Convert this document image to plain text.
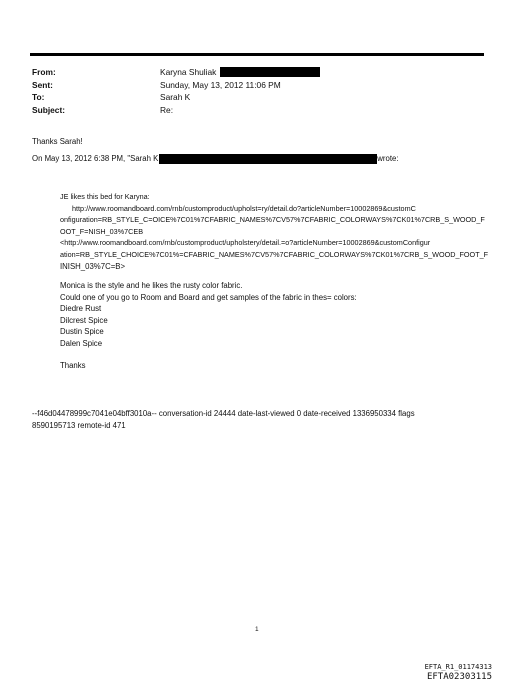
From:	Karyna Shuliak
Sent:	Sunday, May 13, 2012 11:06 PM
To:	Sarah K
Subject:	Re:
Thanks Sarah!
On May 13, 2012 6:38 PM, "Sarah K	wrote:
JE likes this bed for Karyna:
http://www.roomandboard.com/rnb/customproduct/upholst=ry/detail.do?articleNumber=10002869&customC
onfiguration=RB_STYLE_C=OICE%7C01%7CFABRIC_NAMES%7CV57%7CFABRIC_COLORWAYS%7CK01%7CRB_S_WOOD_F
OOT_F=NISH_03%7CEB
<http://www.roomandboard.com/rnb/customproduct/upholstery/detail.=o?articleNumber=10002869&customConfigur
ation=RB_STYLE_CHOICE%7C01%=CFABRIC_NAMES%7CV57%7CFABRIC_COLORWAYS%7CK01%7CRB_S_WOOD_FOOT_F
INISH_03%7C=B>
Monica is the style and he likes the rusty color fabric.
Could one of you go to Room and Board and get samples of the fabric in thes= colors:
Diedre Rust
Dilcrest Spice
Dustin Spice
Dalen Spice
Thanks
--f46d04478999c7041e04bff3010a-- conversation-id 24444 date-last-viewed 0 date-received 1336950334 flags
8590195713 remote-id 471
1
EFTA_R1_01174313
EFTA02303115
